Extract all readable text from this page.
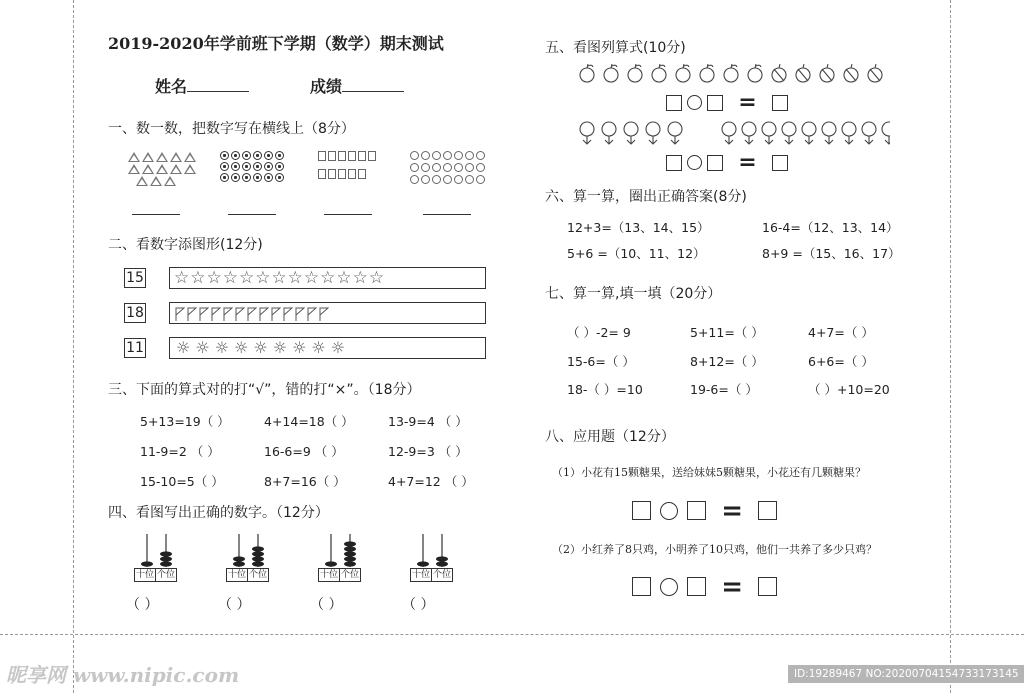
2019-2020年学前班下学期（数学）期末测试
姓名	成绩
一、数一数，把数字写在横线上（8分）
二、看数字添图形(12分)
15 ☆☆☆☆☆☆☆☆☆☆☆☆☆
18
11 ☼☼☼☼☼☼☼☼☼
三、下面的算式对的打“√”，错的打“×”。（18分）
5+13=19（ ）	4+14=18（ ）	13-9=4 （ ）
11-9=2 （ ）	16-6=9 （ ）	12-9=3 （ ）
15-10=5（ ）	8+7=16（ ）	4+7=12 （ ）
四、看图写出正确的数字。（12分）
十位 个位	十位 个位	十位 个位	十位 个位
（ ）	（ ）	（ ）	（ ）
五、看图列算式(10分)
=
=
六、算一算，圈出正确答案(8分)
12+3=（13、14、15）	16-4=（12、13、14）
5+6 =（10、11、12）	8+9 =（15、16、17）
七、算一算,填一填（20分）
（ ）-2= 9	5+11=（ ）	4+7=（ ）
15-6=（ ）	8+12=（ ）	6+6=（ ）
18-（ ）=10	19-6=（ ）	（ ）+10=20
八、应用题（12分）
（1）小花有15颗糖果，送给妹妹5颗糖果，小花还有几颗糖果？
=
（2）小红养了8只鸡，小明养了10只鸡，他们一共养了多少只鸡？
=
昵享网 www.nipic.com	ID:19289467 NO:20200704154733173145
